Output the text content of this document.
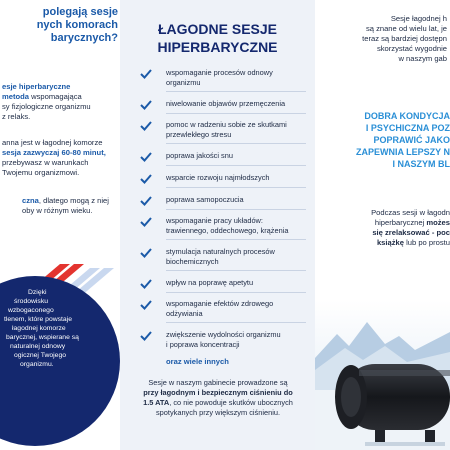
polegają sesje
nych komorach
barycznych?
esje hiperbaryczne
metoda wspomagająca
sy fizjologiczne organizmu
z relaks.
anna jest w łagodnej komorze
sesja zazwyczaj 60-80 minut,
przebywasz w warunkach
Twojemu organizmowi.
czna, dlatego mogą z niej
oby w różnym wieku.
Dzięki
środowisku
wzbogaconego
tlenem, które powstaje
łagodnej komorze
barycznej, wspierane są
naturalnej odnowy
ogicznej Twojego
organizmu.
ŁAGODNE SESJE
HIPERBARYCZNE
wspomaganie procesów odnowy
organizmu
niwelowanie objawów przemęczenia
pomoc w radzeniu sobie ze skutkami
przewlekłego stresu
poprawa jakości snu
wsparcie rozwoju najmłodszych
poprawa samopoczucia
wspomaganie pracy układów:
trawiennego, oddechowego, krążenia
stymulacja naturalnych procesów
biochemicznych
wpływ na poprawę apetytu
wspomaganie efektów zdrowego
odżywiania
zwiększenie wydolności organizmu
i poprawa koncentracji
oraz wiele innych
Sesje w naszym gabinecie prowadzone są
przy łagodnym i bezpiecznym ciśnieniu do
1.5 ATA, co nie powoduje skutków ubocznych
spotykanych przy większym ciśnieniu.
Sesje łagodnej h
są znane od wielu lat, je
teraz są bardziej dostępn
skorzystać wygodnie
w naszym gab
DOBRA KONDYCJA
I PSYCHICZNA POZ
POPRAWIĆ JAKO
ZAPEWNIA LEPSZY N
I NASZYM BL
Podczas sesji w łagodn
hiperbarycznej możes
się zrelaksować - poc
książkę lub po prostu
